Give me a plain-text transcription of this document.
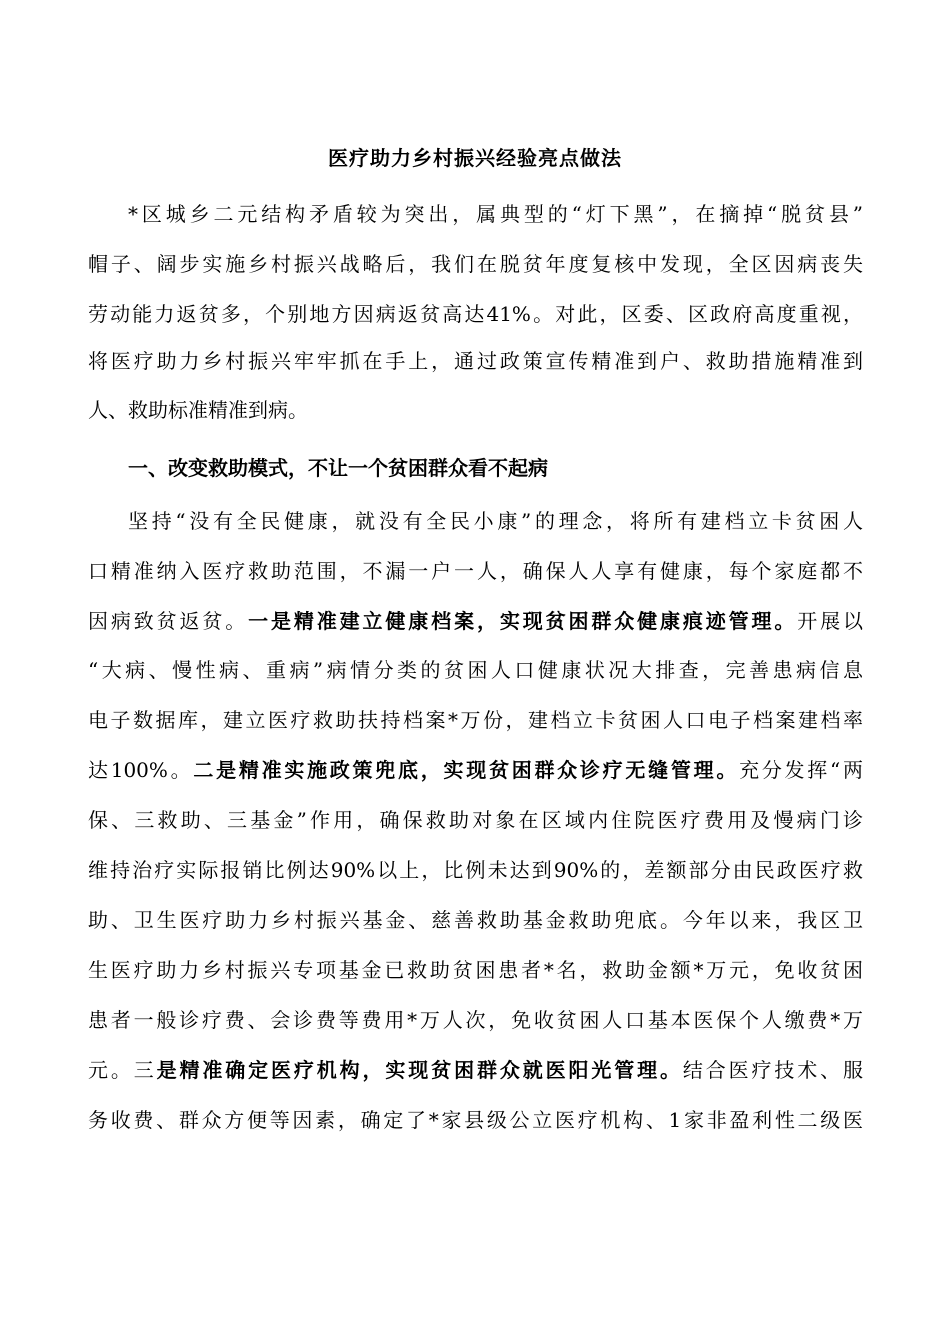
医疗助力乡村振兴经验亮点做法
*区城乡二元结构矛盾较为突出，属典型的“灯下黑”，在摘掉“脱贫县”
帽子、阔步实施乡村振兴战略后，我们在脱贫年度复核中发现，全区因病丧失
劳动能力返贫多，个别地方因病返贫高达41%。对此，区委、区政府高度重视，
将医疗助力乡村振兴牢牢抓在手上，通过政策宣传精准到户、救助措施精准到
人、救助标准精准到病。
一、改变救助模式，不让一个贫困群众看不起病
坚持“没有全民健康，就没有全民小康”的理念，将所有建档立卡贫困人
口精准纳入医疗救助范围，不漏一户一人，确保人人享有健康，每个家庭都不
因病致贫返贫。一是精准建立健康档案，实现贫困群众健康痕迹管理。开展以
“大病、慢性病、重病”病情分类的贫困人口健康状况大排查，完善患病信息
电子数据库，建立医疗救助扶持档案*万份，建档立卡贫困人口电子档案建档率
达100%。二是精准实施政策兜底，实现贫困群众诊疗无缝管理。充分发挥“两
保、三救助、三基金”作用，确保救助对象在区域内住院医疗费用及慢病门诊
维持治疗实际报销比例达90%以上，比例未达到90%的，差额部分由民政医疗救
助、卫生医疗助力乡村振兴基金、慈善救助基金救助兜底。今年以来，我区卫
生医疗助力乡村振兴专项基金已救助贫困患者*名，救助金额*万元，免收贫困
患者一般诊疗费、会诊费等费用*万人次，免收贫困人口基本医保个人缴费*万
元。三是精准确定医疗机构，实现贫困群众就医阳光管理。结合医疗技术、服
务收费、群众方便等因素，确定了*家县级公立医疗机构、1家非盈利性二级医
